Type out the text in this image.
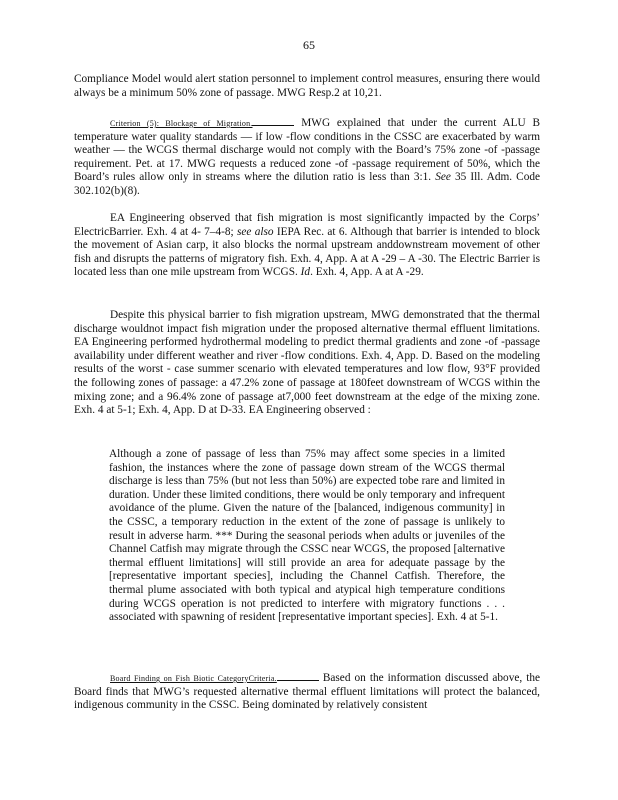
65
Compliance Model would alert station personnel to implement control measures, ensuring there would always be a minimum 50% zone of passage. MWG Resp.2 at 10,21.
Criterion (5): Blockage of Migration.	MWG explained that under the current ALU B temperature water quality standards — if low -flow conditions in the CSSC are exacerbated by warm weather — the WCGS thermal discharge would not comply with the Board’s 75% zone -of -passage requirement. Pet. at 17. MWG requests a reduced zone -of -passage requirement of 50%, which the Board’s rules allow only in streams where the dilution ratio is less than 3:1. See 35 Ill. Adm. Code 302.102(b)(8).
EA Engineering observed that fish migration is most significantly impacted by the Corps’ ElectricBarrier. Exh. 4 at 4- 7–4-8; see also IEPA Rec. at 6. Although that barrier is intended to block the movement of Asian carp, it also blocks the normal upstream anddownstream movement of other fish and disrupts the patterns of migratory fish. Exh. 4, App. A at A -29 – A -30. The Electric Barrier is located less than one mile upstream from WCGS. Id. Exh. 4, App. A at A -29.
Despite this physical barrier to fish migration upstream, MWG demonstrated that the thermal discharge wouldnot impact fish migration under the proposed alternative thermal effluent limitations. EA Engineering performed hydrothermal modeling to predict thermal gradients and zone -of -passage availability under different weather and river -flow conditions. Exh. 4, App. D. Based on the modeling results of the worst - case summer scenario with elevated temperatures and low flow, 93°F provided the following zones of passage: a 47.2% zone of passage at 180feet downstream of WCGS within the mixing zone; and a 96.4% zone of passage at7,000 feet downstream at the edge of the mixing zone. Exh. 4 at 5-1; Exh. 4, App. D at D-33. EA Engineering observed :
Although a zone of passage of less than 75% may affect some species in a limited fashion, the instances where the zone of passage down stream of the WCGS thermal discharge is less than 75% (but not less than 50%) are expected tobe rare and limited in duration. Under these limited conditions, there would be only temporary and infrequent avoidance of the plume. Given the nature of the [balanced, indigenous community] in the CSSC, a temporary reduction in the extent of the zone of passage is unlikely to result in adverse harm. *** During the seasonal periods when adults or juveniles of the Channel Catfish may migrate through the CSSC near WCGS, the proposed [alternative thermal effluent limitations] will still provide an area for adequate passage by the [representative important species], including the Channel Catfish. Therefore, the thermal plume associated with both typical and atypical high temperature conditions during WCGS operation is not predicted to interfere with migratory functions . . . associated with spawning of resident [representative important species]. Exh. 4 at 5-1.
Board Finding on Fish Biotic CategoryCriteria.	Based on the information discussed above, the Board finds that MWG’s requested alternative thermal effluent limitations will protect the balanced, indigenous community in the CSSC. Being dominated by relatively consistent
